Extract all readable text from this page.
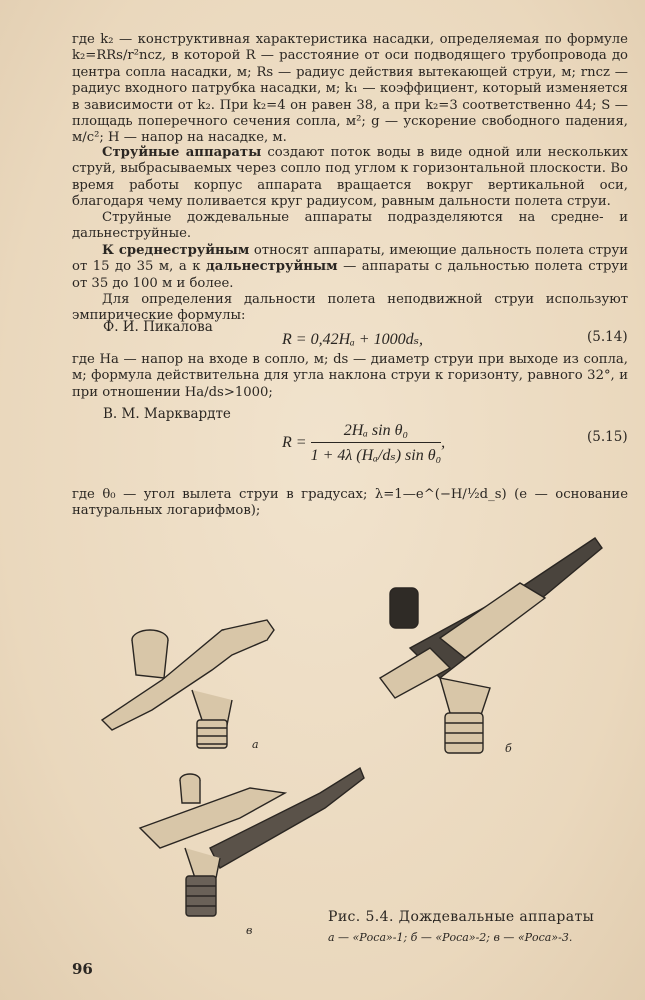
где k₂ — конструктивная характеристика насадки, определяемая по формуле k₂=RRs/r²ncz, в которой R — расстояние от оси подводящего трубопровода до центра сопла насадки, м; Rs — радиус действия вытекающей струи, м; rncz — радиус входного патрубка насадки, м; k₁ — коэффициент, который изменяется в зависимости от k₂. При k₂=4 он равен 38, а при k₂=3 соответственно 44; S — площадь поперечного сечения сопла, м²; g — ускорение свободного падения, м/с²; H — напор на насадке, м.

Струйные аппараты создают поток воды в виде одной или нескольких струй, выбрасываемых через сопло под углом к горизонтальной плоскости. Во время работы корпус аппарата вращается вокруг вертикальной оси, благодаря чему поливается круг радиусом, равным дальности полета струи.

Струйные дождевальные аппараты подразделяются на средне- и дальнеструйные.

К среднеструйным относят аппараты, имеющие дальность полета струи от 15 до 35 м, а к дальнеструйным — аппараты с дальностью полета струи от 35 до 100 м и более.

Для определения дальности полета неподвижной струи используют эмпирические формулы:

Ф. И. Пикалова
R = 0,42Hₐ + 1000dₛ,	(5.14)

где Ha — напор на входе в сопло, м; ds — диаметр струи при выходе из сопла, м; формула действительна для угла наклона струи к горизонту, равного 32°, и при отношении Ha/ds>1000;

В. М. Марквардте
$R = \frac{\text{2Hₐ sin θ₀}}{\text{1 + 4λ (Hₐ/dₛ) sin θ₀}}$ ,	(5.15)

где θ₀ — угол вылета струи в градусах; λ=1—e^(−H/¹⁄₂d_s) (e — основание натуральных логарифмов);

а	б
в
Рис. 5.4. Дождевальные аппараты
а — «Роса»-1; б — «Роса»-2; в — «Роса»-3.
96
